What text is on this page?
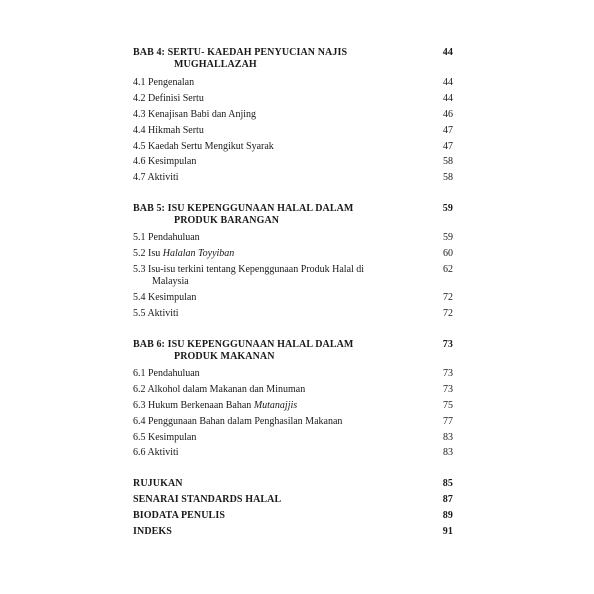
BAB 4: SERTU- KAEDAH PENYUCIAN NAJIS
MUGHALLAZAH
44
4.1 Pengenalan	44
4.2 Definisi Sertu	44
4.3 Kenajisan Babi dan Anjing	46
4.4 Hikmah Sertu	47
4.5 Kaedah Sertu Mengikut Syarak	47
4.6 Kesimpulan	58
4.7 Aktiviti	58
BAB 5: ISU KEPENGGUNAAN HALAL DALAM
PRODUK BARANGAN
59
5.1 Pendahuluan	59
5.2 Isu Halalan Toyyiban	60
5.3 Isu-isu terkini tentang Kepenggunaan Produk Halal di
Malaysia
62
5.4 Kesimpulan	72
5.5 Aktiviti	72
BAB 6: ISU KEPENGGUNAAN HALAL DALAM
PRODUK MAKANAN
73
6.1 Pendahuluan	73
6.2 Alkohol dalam Makanan dan Minuman	73
6.3 Hukum Berkenaan Bahan Mutanajjis	75
6.4 Penggunaan Bahan dalam Penghasilan Makanan	77
6.5 Kesimpulan	83
6.6 Aktiviti	83
RUJUKAN	85
SENARAI STANDARDS HALAL	87
BIODATA PENULIS	89
INDEKS	91
